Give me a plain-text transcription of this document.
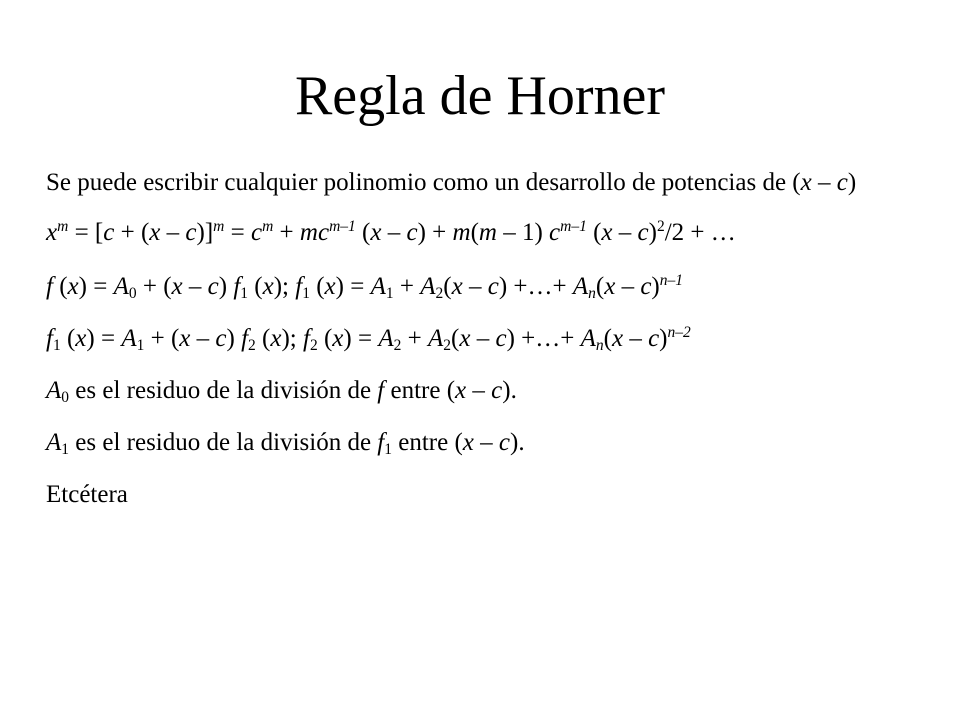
Regla de Horner

Se puede escribir cualquier polinomio como un desarrollo de potencias de (x – c)

$x^m = [c + (x - c)]^m = c^m + mc^{m-1}$ (x – c) + m(m – 1) $c^{m-1}$ (x – c)$^2$/2 + …

f $(x) = A_0 + (x - c)$ $f_1$ (x); $f_1$ $(x) = A_1 + A_2(x - c)$ +…+ $A_n(x - c)^{n-1}$

$f_1$ $(x) = A_1 + (x - c)$ $f_2$ (x); $f_2$ $(x) = A_2 + A_2(x - c)$ +…+ $A_n(x - c)^{n-2}$

$A_0$ es el residuo de la división de f entre (x – c).

$A_1$ es el residuo de la división de $f_1$ entre (x – c).

Etcétera
